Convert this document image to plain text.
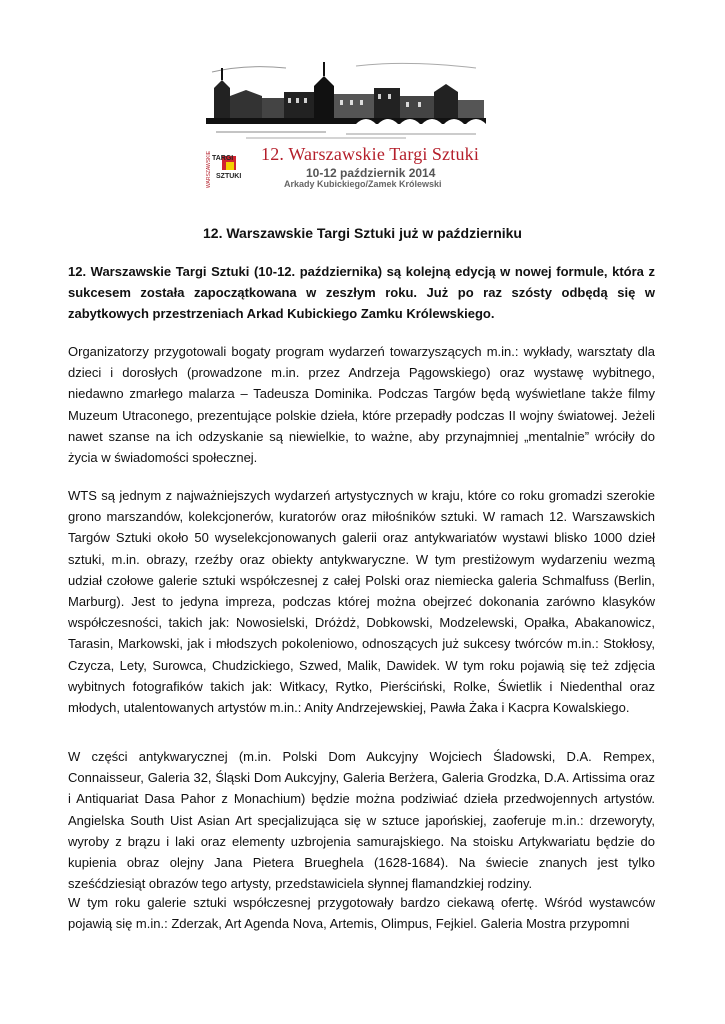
WARSZAWSKIE TARGI
SZTUKI
12. Warszawskie Targi Sztuki
10-12 październik 2014
Arkady Kubickiego/Zamek Królewski
12. Warszawskie Targi Sztuki już w październiku

12. Warszawskie Targi Sztuki (10-12. października) są kolejną edycją w nowej formule, która z sukcesem została zapoczątkowana w zeszłym roku. Już po raz szósty odbędą się w zabytkowych przestrzeniach Arkad Kubickiego Zamku Królewskiego.

Organizatorzy przygotowali bogaty program wydarzeń towarzyszących m.in.: wykłady, warsztaty dla dzieci i dorosłych (prowadzone m.in. przez Andrzeja Pągowskiego) oraz wystawę wybitnego, niedawno zmarłego malarza – Tadeusza Dominika. Podczas Targów będą wyświetlane także filmy Muzeum Utraconego, prezentujące polskie dzieła, które przepadły podczas II wojny światowej. Jeżeli nawet szanse na ich odzyskanie są niewielkie, to ważne, aby przynajmniej „mentalnie” wróciły do życia w świadomości społecznej.

WTS są jednym z najważniejszych wydarzeń artystycznych w kraju, które co roku gromadzi szerokie grono marszandów, kolekcjonerów, kuratorów oraz miłośników sztuki. W ramach 12. Warszawskich Targów Sztuki około 50 wyselekcjonowanych galerii oraz antykwariatów wystawi blisko 1000 dzieł sztuki, m.in. obrazy, rzeźby oraz obiekty antykwaryczne. W tym prestiżowym wydarzeniu wezmą udział czołowe galerie sztuki współczesnej z całej Polski oraz niemiecka galeria Schmalfuss (Berlin, Marburg). Jest to jedyna impreza, podczas której można obejrzeć dokonania zarówno klasyków współczesności, takich jak: Nowosielski, Dróżdż, Dobkowski, Modzelewski, Opałka, Abakanowicz, Tarasin, Markowski, jak i młodszych pokoleniowo, odnoszących już sukcesy twórców m.in.: Stokłosy, Czycza, Lety, Surowca, Chudzickiego, Szwed, Malik, Dawidek. W tym roku pojawią się też zdjęcia wybitnych fotografików takich jak: Witkacy, Rytko, Pierściński, Rolke, Świetlik i Niedenthal oraz młodych, utalentowanych artystów m.in.: Anity Andrzejewskiej, Pawła Żaka i Kacpra Kowalskiego.

W części antykwarycznej (m.in. Polski Dom Aukcyjny Wojciech Śladowski, D.A. Rempex, Connaisseur, Galeria 32, Śląski Dom Aukcyjny, Galeria Berżera, Galeria Grodzka, D.A. Artissima oraz i Antiquariat Dasa Pahor z Monachium) będzie można podziwiać dzieła przedwojennych artystów. Angielska South Uist Asian Art specjalizująca się w sztuce japońskiej, zaoferuje m.in.: drzeworyty, wyroby z brązu i laki oraz elementy uzbrojenia samurajskiego. Na stoisku Artykwariatu będzie do kupienia obraz olejny Jana Pietera Brueghela (1628-1684). Na świecie znanych jest tylko sześćdziesiąt obrazów tego artysty, przedstawiciela słynnej flamandzkiej rodziny.

W tym roku galerie sztuki współczesnej przygotowały bardzo ciekawą ofertę. Wśród wystawców pojawią się m.in.: Zderzak, Art Agenda Nova, Artemis, Olimpus, Fejkiel. Galeria Mostra przypomni
